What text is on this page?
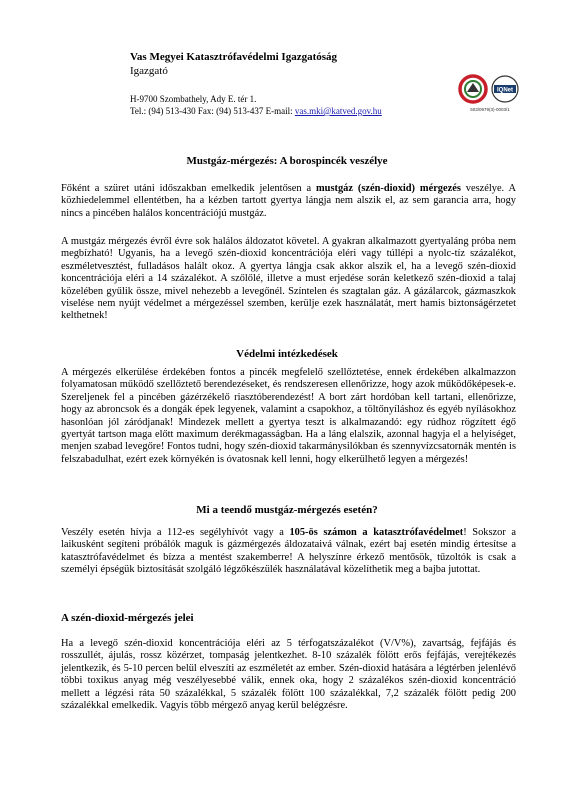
Vas Megyei Katasztrófavédelmi Igazgatóság
Igazgató
H-9700 Szombathely, Ady E. tér 1.
Tel.: (94) 513-430 Fax: (94) 513-437 E-mail: vas.mki@katved.gov.hu
IQNet
503/0979(3)-0003/1
Mustgáz-mérgezés: A borospincék veszélye
Főként a szüret utáni időszakban emelkedik jelentősen a mustgáz (szén-dioxid) mérgezés veszélye. A közhiedelemmel ellentétben, ha a kézben tartott gyertya lángja nem alszik el, az sem garancia arra, hogy nincs a pincében halálos koncentrációjú mustgáz.
A mustgáz mérgezés évről évre sok halálos áldozatot követel. A gyakran alkalmazott gyertyaláng próba nem megbízható! Ugyanis, ha a levegő szén-dioxid koncentrációja eléri vagy túllépi a nyolc-tíz százalékot, eszméletvesztést, fulladásos halált okoz. A gyertya lángja csak akkor alszik el, ha a levegő szén-dioxid koncentrációja eléri a 14 százalékot. A szőlőlé, illetve a must erjedése során keletkező szén-dioxid a talaj közelében gyűlik össze, mivel nehezebb a levegőnél. Színtelen és szagtalan gáz. A gázálarcok, gázmaszkok viselése nem nyújt védelmet a mérgezéssel szemben, kerülje ezek használatát, mert hamis biztonságérzetet kelthetnek!
Védelmi intézkedések
A mérgezés elkerülése érdekében fontos a pincék megfelelő szellőztetése, ennek érdekében alkalmazzon folyamatosan működő szellőztető berendezéseket, és rendszeresen ellenőrizze, hogy azok működőképesek-e. Szereljenek fel a pincében gázérzékelő riasztóberendezést! A bort zárt hordóban kell tartani, ellenőrizze, hogy az abroncsok és a dongák épek legyenek, valamint a csapokhoz, a töltőnyíláshoz és egyéb nyílásokhoz hasonlóan jól záródjanak! Mindezek mellett a gyertya teszt is alkalmazandó: egy rúdhoz rögzített égő gyertyát tartson maga előtt maximum derékmagasságban. Ha a láng elalszik, azonnal hagyja el a helyiséget, menjen szabad levegőre! Fontos tudni, hogy szén-dioxid takarmánysilókban és szennyvízcsatornák mentén is felszabadulhat, ezért ezek környékén is óvatosnak kell lenni, hogy elkerülhető legyen a mérgezés!
Mi a teendő mustgáz-mérgezés esetén?
Veszély esetén hívja a 112-es segélyhívót vagy a 105-ös számon a katasztrófavédelmet! Sokszor a laikusként segíteni próbálók maguk is gázmérgezés áldozataivá válnak, ezért baj esetén mindig értesítse a katasztrófavédelmet és bízza a mentést szakemberre! A helyszínre érkező mentősök, tűzoltók is csak a személyi épségük biztosítását szolgáló légzőkészülék használatával közelíthetik meg a bajba jutottat.
A szén-dioxid-mérgezés jelei
Ha a levegő szén-dioxid koncentrációja eléri az 5 térfogatszázalékot (V/V%), zavartság, fejfájás és rosszullét, ájulás, rossz közérzet, tompaság jelentkezhet. 8-10 százalék fölött erős fejfájás, verejtékezés jelentkezik, és 5-10 percen belül elveszíti az eszméletét az ember. Szén-dioxid hatására a légtérben jelenlévő többi toxikus anyag még veszélyesebbé válik, ennek oka, hogy 2 százalékos szén-dioxid koncentráció mellett a légzési ráta 50 százalékkal, 5 százalék fölött 100 százalékkal, 7,2 százalék fölött pedig 200 százalékkal emelkedik. Vagyis több mérgező anyag kerül belégzésre.
